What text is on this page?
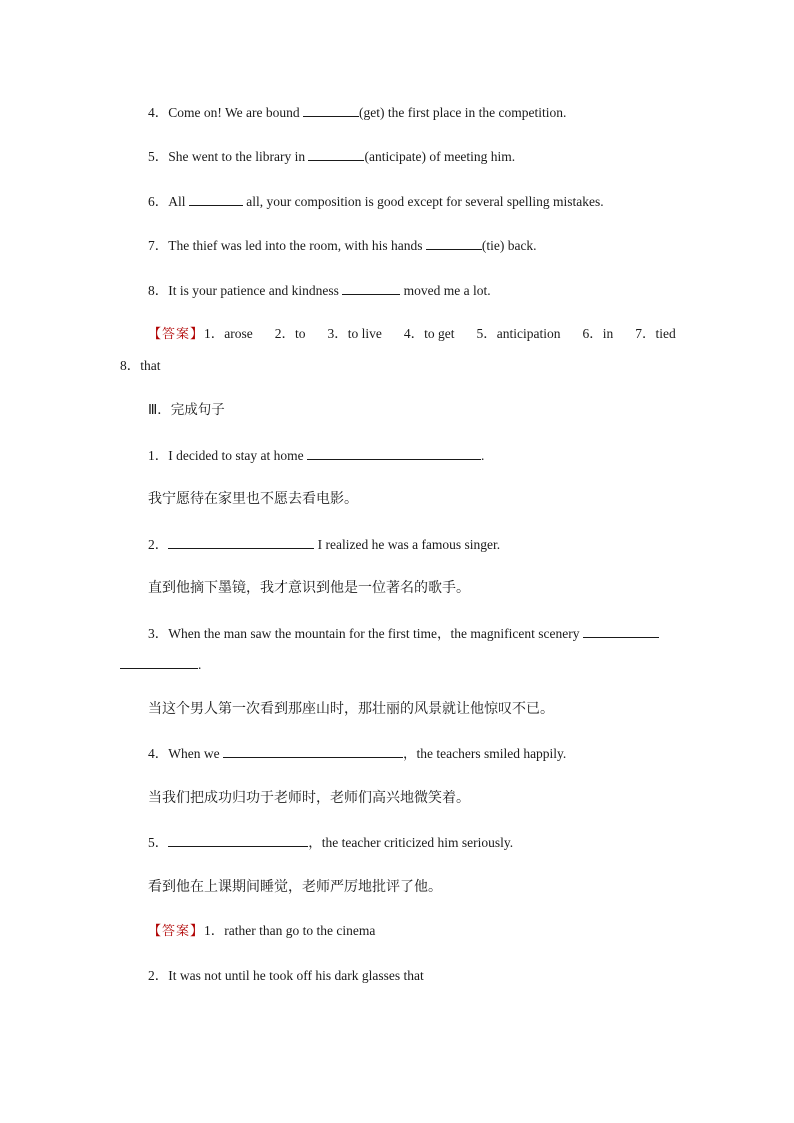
4．Come on! We are bound	(get) the first place in the competition.
5．She went to the library in	(anticipate) of meeting him.
6．All	all, your composition is good except for several spelling mistakes.
7．The thief was led into the room, with his hands	(tie) back.
8．It is your patience and kindness	moved me a lot.
【答案】1．arose 2．to 3．to live 4．to get 5．anticipation 6．in 7．tied
8．that
Ⅲ．完成句子
1．I decided to stay at home	.
我宁愿待在家里也不愿去看电影。
2．	I realized he was a famous singer.
直到他摘下墨镜，我才意识到他是一位著名的歌手。
3．When the man saw the mountain for the first time，the magnificent scenery
.
当这个男人第一次看到那座山时，那壮丽的风景就让他惊叹不已。
4．When we	，the teachers smiled happily.
当我们把成功归功于老师时，老师们高兴地微笑着。
5．	，the teacher criticized him seriously.
看到他在上课期间睡觉，老师严厉地批评了他。
【答案】1．rather than go to the cinema
2．It was not until he took off his dark glasses that
